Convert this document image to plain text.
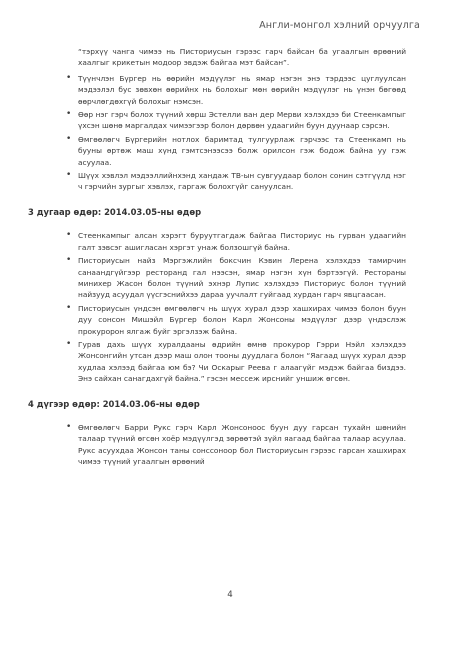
Англи-монгол хэлний орчуулга

“тэрхүү чанга чимээ нь Писториусын гэрээс гарч байсан ба угаалгын өрөөний хаалгыг крикетын модоор эвдэж байгаа мэт байсан”.

• Түүнчлэн Бүргер нь өөрийн мэдүүлэг нь ямар нэгэн энэ тэрдээс цуглуулсан мэдээлэл бус зөвхөн өөрийнх нь болохыг мөн өөрийн мэдүүлэг нь үнэн бөгөөд өөрчлөгдөхгүй болохыг нэмсэн.
• Өөр нэг гэрч болох түүний хөрш Эстелли ван дер Мерви хэлэхдээ би Стеенкампыг үхсэн шөнө маргалдах чимээгээр болон дөрвөн удаагийн буун дуунаар сэрсэн.
• Өмгөөлөгч Бүргерийн нотлох баримтад тулгуурлаж гэрчээс та Стеенкамп нь бууны өртөж маш хүнд гэмтсэнээсээ болж орилсон гэж бодож байна уу гэж асуулаа.
• Шүүх хэвлэл мэдээллийнхэнд хандаж ТВ-ын сувгуудаар болон сонин сэтгүүлд нэг ч гэрчийн зургыг хэвлэх, гаргаж болохгүйг сануулсан.
3 дугаар өдөр: 2014.03.05-ны өдөр
• Стеенкампыг алсан хэрэгт буруутгагдаж байгаа Писториус нь гурван удаагийн галт зэвсэг ашигласан хэргэт унаж болзошгүй байна.
• Писториусын найз Мэргэжлийн боксчин Кэвин Лерена хэлэхдээ тамирчин санаандгүйгээр ресторанд гал нээсэн, ямар нэгэн хүн бэртээгүй. Рестораны миниxер Жасон болон түүний эхнэр Лупис хэлэхдээ Писториус болон түүний найзууд асуудал үүсгэснийхээ дараа уучлалт гуйгаад хурдан гарч явцгаасан.
• Писториусын үндсэн өмгөөлөгч нь шүүх хурал дээр хашхирах чимээ болон буун дуу сонсон Мишэйл Бүргер болон Карл Жонсоны мэдүүлэг дээр үндэслэж прокуророн ялгаж буйг эргэлзэж байна.
• Гурав дахь шүүх хуралдааны өдрийн өмнө прокурор Гэрри Нэйл хэлэхдээ Жонсонгийн утсан дээр маш олон тооны дуудлага болон “Яагаад шүүх хурал дээр худлаа хэлээд байгаа юм бэ? Чи Оскарыг Реева г алаагүйг мэдэж байгаа биздээ. Энэ сайхан санагдахгүй байна.” гэсэн мессеж ирснийг уншиж өгсөн.
4 дүгээр өдөр: 2014.03.06-ны өдөр
• Өмгөөлөгч Барри Рукс гэрч Карл Жонсоноос буун дуу гарсан тухайн шөнийн талаар түүний өгсөн хоёр мэдүүлгэд зөрөөтэй зүйл яагаад байгаа талаар асуулаа. Рукс асуухдаа Жонсон таны сонссоноор бол Писториусын гэрээс гарсан хашхирах чимээ түүний угаалгын өрөөний
4
